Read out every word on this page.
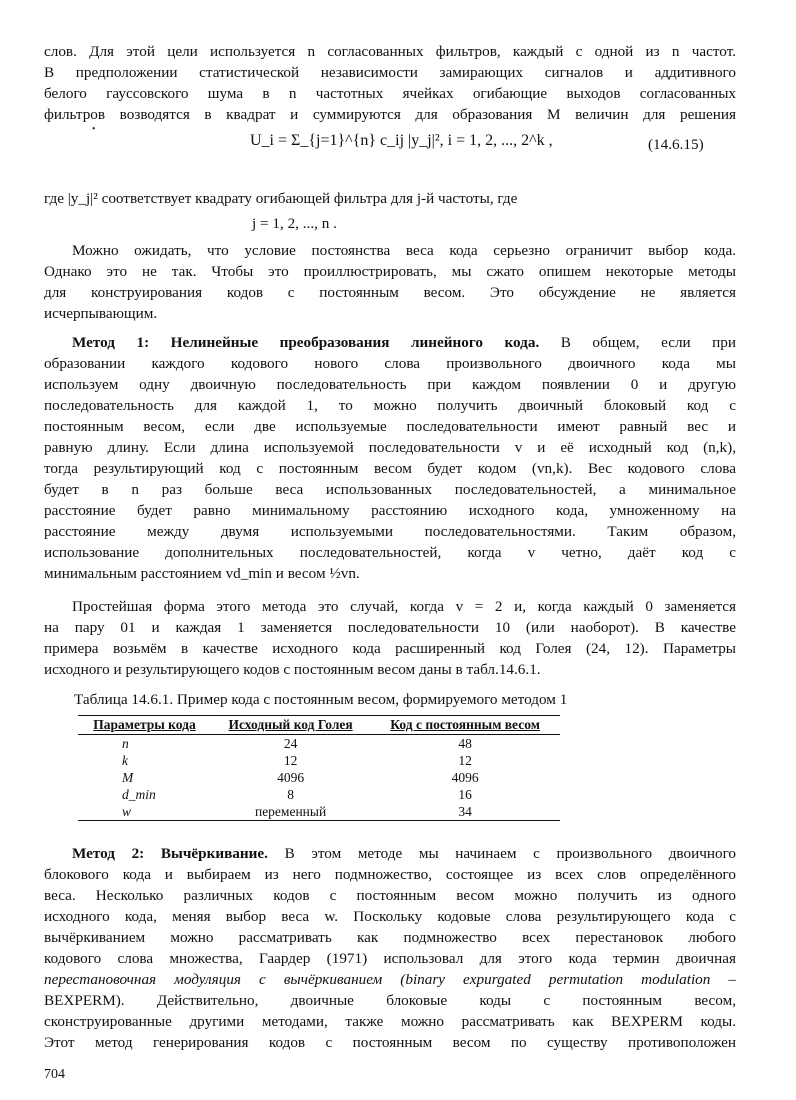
слов. Для этой цели используется n согласованных фильтров, каждый с одной из n частот.
В предположении статистической независимости замирающих сигналов и аддитивного
белого гауссовского шума в n частотных ячейках огибающие выходов согласованных
фильтров возводятся в квадрат и суммируются для образования M величин для решения
•
U_i = Σ_{j=1}^{n} c_ij |y_j|², i = 1, 2, ..., 2^k ,	(14.6.15)
где |y_j|² соответствует квадрату огибающей фильтра для j-й частоты, где
j = 1, 2, ..., n .
Можно ожидать, что условие постоянства веса кода серьезно ограничит выбор кода.
Однако это не так. Чтобы это проиллюстрировать, мы сжато опишем некоторые методы
для конструирования кодов с постоянным весом. Это обсуждение не является
исчерпывающим.
Метод 1: Нелинейные преобразования линейного кода. В общем, если при
образовании каждого кодового нового слова произвольного двоичного кода мы
используем одну двоичную последовательность при каждом появлении 0 и другую
последовательность для каждой 1, то можно получить двоичный блоковый код с
постоянным весом, если две используемые последовательности имеют равный вес и
равную длину. Если длина используемой последовательности v и её исходный код (n,k),
тогда результирующий код с постоянным весом будет кодом (vn,k). Вес кодового слова
будет в n раз больше веса использованных последовательностей, а минимальное
расстояние будет равно минимальному расстоянию исходного кода, умноженному на
расстояние между двумя используемыми последовательностями. Таким образом,
использование дополнительных последовательностей, когда v четно, даёт код с
минимальным расстоянием vd_min и весом ½vn.
Простейшая форма этого метода это случай, когда v = 2 и, когда каждый 0 заменяется
на пару 01 и каждая 1 заменяется последовательности 10 (или наоборот). В качестве
примера возьмём в качестве исходного кода расширенный код Голея (24, 12). Параметры
исходного и результирующего кодов с постоянным весом даны в табл.14.6.1.
Таблица 14.6.1. Пример кода с постоянным весом, формируемого методом 1
Параметры кода	Исходный код Голея	Код с постоянным весом
n	24	48
k	12	12
M	4096	4096
d_min	8	16
w	переменный	34
Метод 2: Вычёркивание. В этом методе мы начинаем с произвольного двоичного
блокового кода и выбираем из него подмножество, состоящее из всех слов определённого
веса. Несколько различных кодов с постоянным весом можно получить из одного
исходного кода, меняя выбор веса w. Поскольку кодовые слова результирующего кода с
вычёркиванием можно рассматривать как подмножество всех перестановок любого
кодового слова множества, Гаардер (1971) использовал для этого кода термин двоичная
перестановочная модуляция с вычёркиванием (binary expurgated permutation modulation –
BEXPERM). Действительно, двоичные блоковые коды с постоянным весом,
сконструированные другими методами, также можно рассматривать как BEXPERM коды.
Этот метод генерирования кодов с постоянным весом по существу противоположен
704
